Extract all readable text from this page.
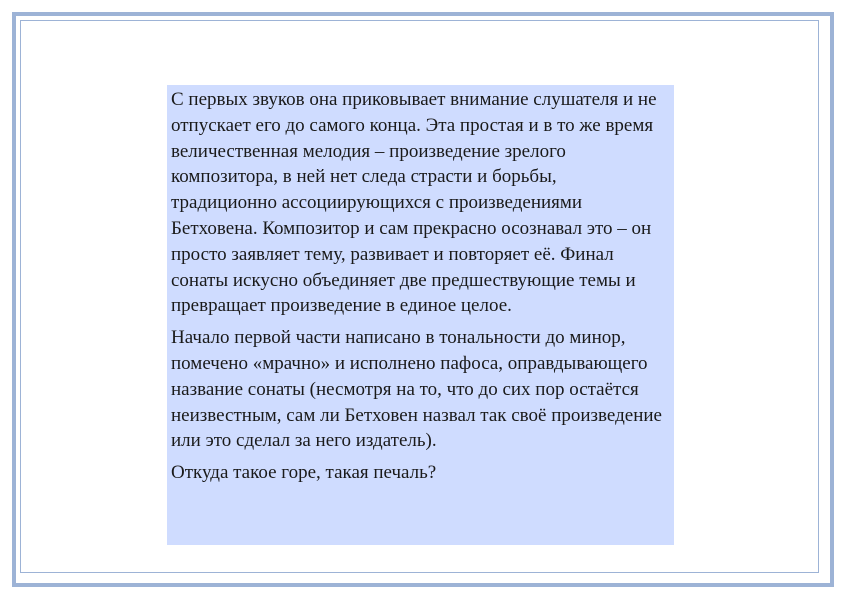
С первых звуков она приковывает внимание слушателя и не отпускает его до самого конца. Эта простая и в то же время величественная мелодия – произведение зрелого композитора, в ней нет следа страсти и борьбы, традиционно ассоциирующихся с произведениями Бетховена. Композитор и сам прекрасно осознавал это – он просто заявляет тему, развивает и повторяет её. Финал сонаты искусно объединяет две предшествующие темы и превращает произведение в единое целое.

Начало первой части написано в тональности до минор, помечено «мрачно» и исполнено пафоса, оправдывающего название сонаты (несмотря на то, что до сих пор остаётся неизвестным, сам ли Бетховен назвал так своё произведение или это сделал за него издатель).

Откуда такое горе, такая печаль?
